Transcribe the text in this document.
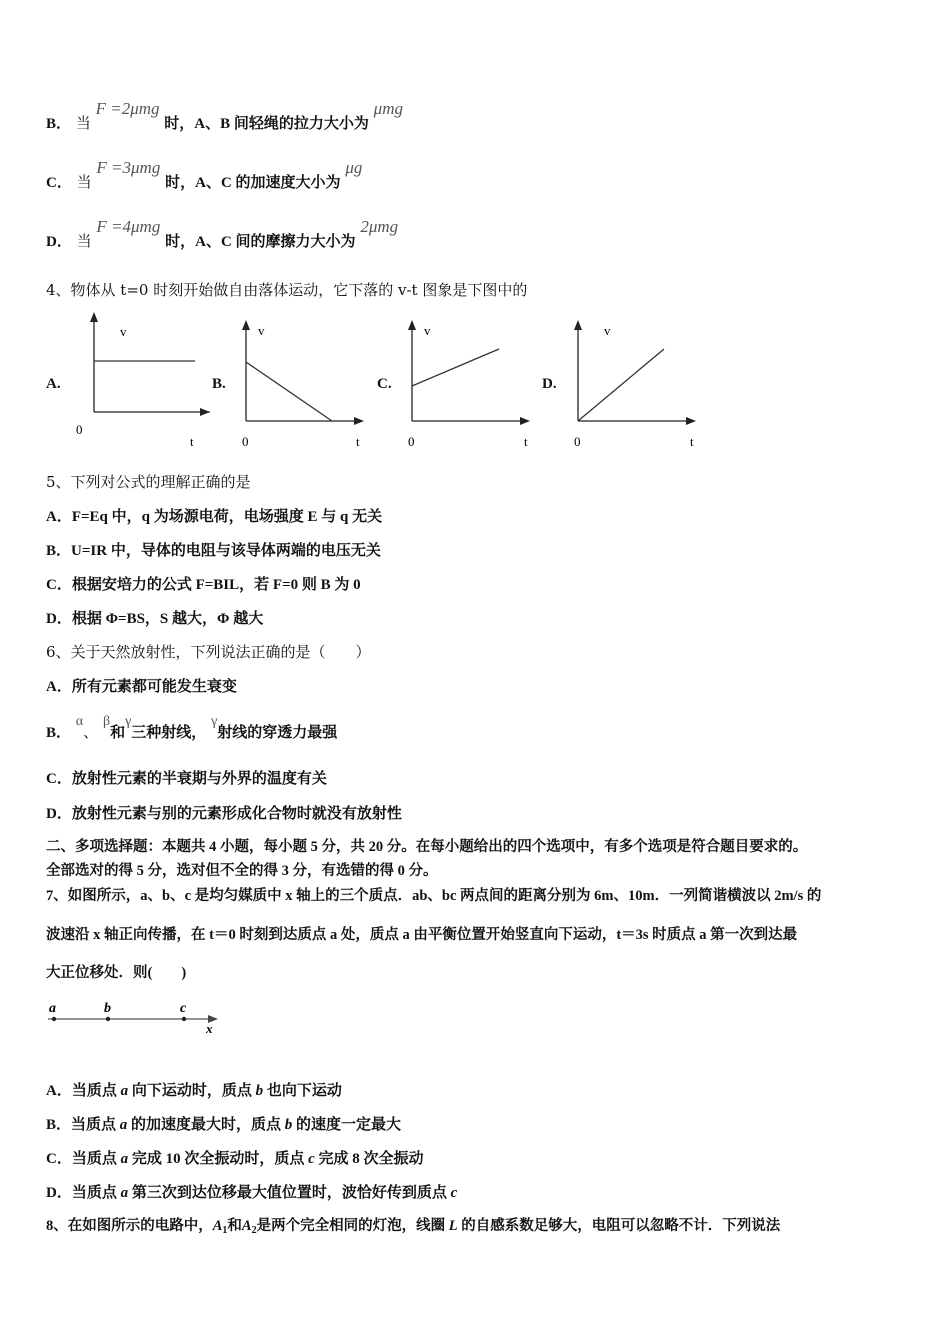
B． 当 F =2μmg 时，A、B 间轻绳的拉力大小为 μmg
C． 当 F =3μmg 时，A、C 的加速度大小为 μg
D． 当 F =4μmg 时，A、C 间的摩擦力大小为 2μmg
4、物体从 t=0 时刻开始做自由落体运动，它下落的 v-t 图象是下图中的
A.
v
0
t
B.
v
0	t
C.
v
0	t
D.
v
0	t
5、下列对公式的理解正确的是
A．F=Eq 中，q 为场源电荷，电场强度 E 与 q 无关
B．U=IR 中，导体的电阻与该导体两端的电压无关
C．根据安培力的公式 F=BIL，若 F=0 则 B 为 0
D．根据 Φ=BS，S 越大，Φ 越大
6、关于天然放射性，下列说法正确的是（　　）
A．所有元素都可能发生衰变
B． α、 β和γ三种射线， γ射线的穿透力最强
C．放射性元素的半衰期与外界的温度有关
D．放射性元素与别的元素形成化合物时就没有放射性
二、多项选择题：本题共 4 小题，每小题 5 分，共 20 分。在每小题给出的四个选项中，有多个选项是符合题目要求的。
全部选对的得 5 分，选对但不全的得 3 分，有选错的得 0 分。
7、如图所示，a、b、c 是均匀媒质中 x 轴上的三个质点．ab、bc 两点间的距离分别为 6m、10m．一列简谐横波以 2m/s 的
波速沿 x 轴正向传播，在 t＝0 时刻到达质点 a 处，质点 a 由平衡位置开始竖直向下运动，t＝3s 时质点 a 第一次到达最
大正位移处．则(　　)
a	b	c
x
A．当质点 a 向下运动时，质点 b 也向下运动
B．当质点 a 的加速度最大时，质点 b 的速度一定最大
C．当质点 a 完成 10 次全振动时，质点 c 完成 8 次全振动
D．当质点 a 第三次到达位移最大值位置时，波恰好传到质点 c
8、在如图所示的电路中，$A_1$和$A_2$是两个完全相同的灯泡，线圈 L 的自感系数足够大，电阻可以忽略不计．下列说法
